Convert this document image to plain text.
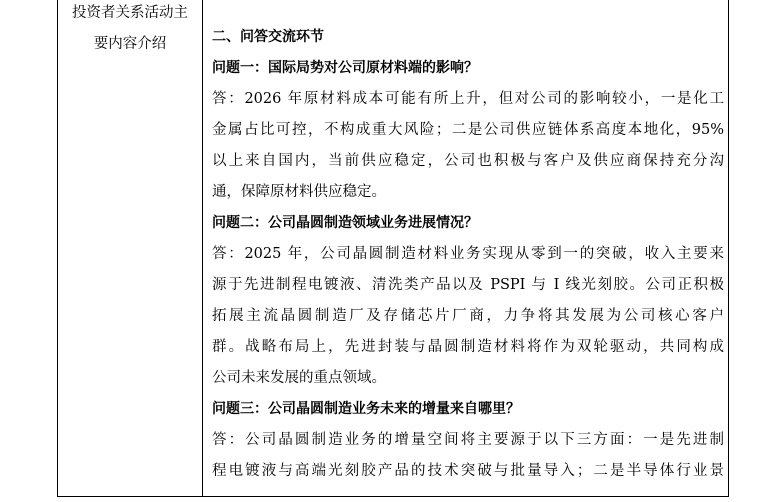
投资者关系活动主
要内容介绍	二、问答交流环节
问题一：国际局势对公司原材料端的影响？
答：2026 年原材料成本可能有所上升，但对公司的影响较小，一是化工
金属占比可控，不构成重大风险；二是公司供应链体系高度本地化，95%
以上来自国内，当前供应稳定，公司也积极与客户及供应商保持充分沟
通，保障原材料供应稳定。
问题二：公司晶圆制造领域业务进展情况？
答：2025 年，公司晶圆制造材料业务实现从零到一的突破，收入主要来
源于先进制程电镀液、清洗类产品以及 PSPI 与 I 线光刻胶。公司正积极
拓展主流晶圆制造厂及存储芯片厂商，力争将其发展为公司核心客户
群。战略布局上，先进封装与晶圆制造材料将作为双轮驱动，共同构成
公司未来发展的重点领域。
问题三：公司晶圆制造业务未来的增量来自哪里？
答：公司晶圆制造业务的增量空间将主要源于以下三方面：一是先进制
程电镀液与高端光刻胶产品的技术突破与批量导入；二是半导体行业景
